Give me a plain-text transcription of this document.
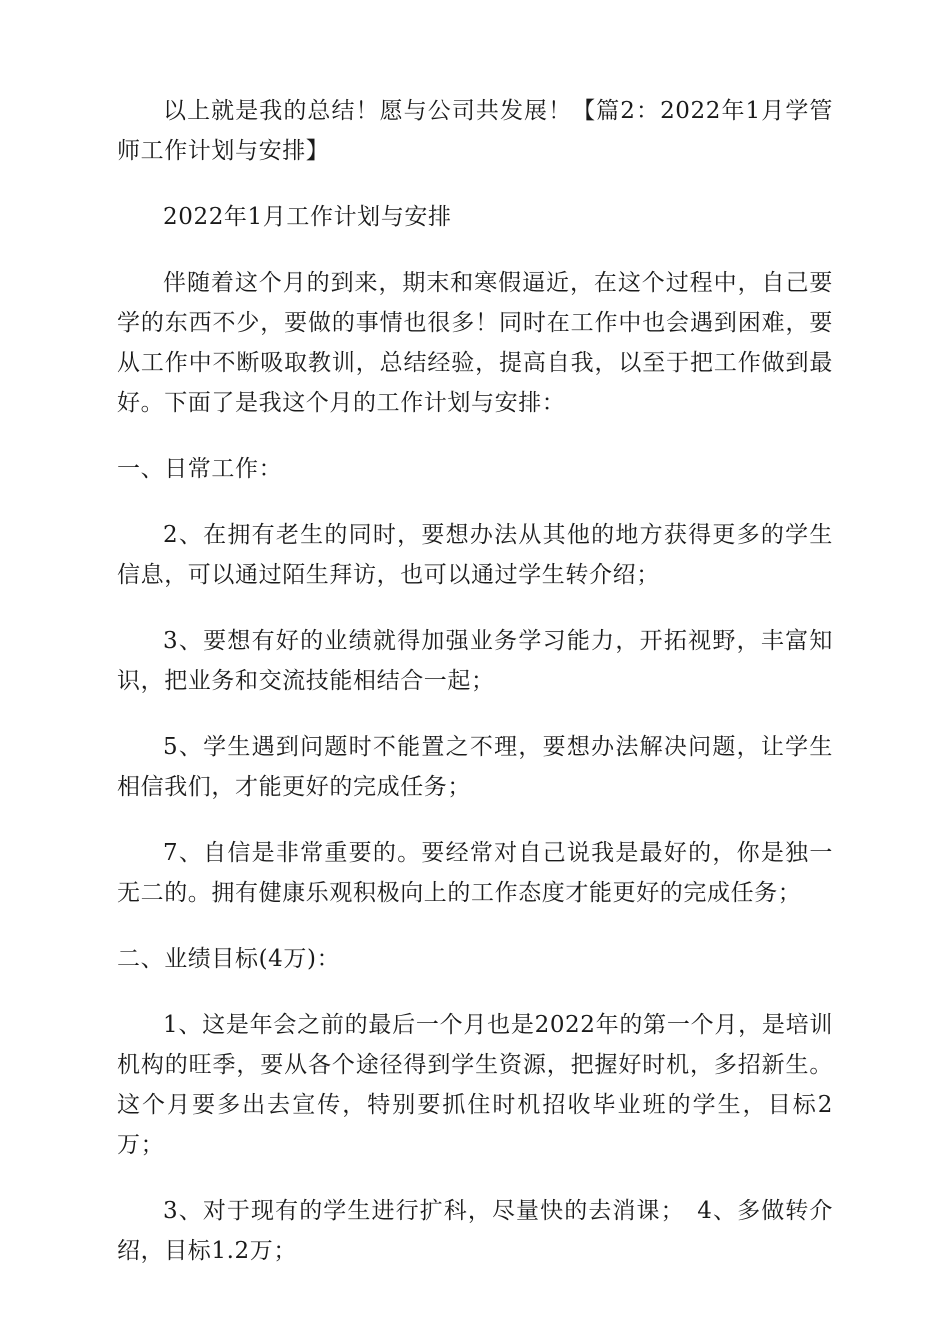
以上就是我的总结！愿与公司共发展！【篇2：2022年1月学管师工作计划与安排】

2022年1月工作计划与安排

伴随着这个月的到来，期末和寒假逼近，在这个过程中，自己要学的东西不少，要做的事情也很多！同时在工作中也会遇到困难，要从工作中不断吸取教训，总结经验，提高自我，以至于把工作做到最好。下面了是我这个月的工作计划与安排：

一、日常工作：

2、在拥有老生的同时，要想办法从其他的地方获得更多的学生信息，可以通过陌生拜访，也可以通过学生转介绍；

3、要想有好的业绩就得加强业务学习能力，开拓视野，丰富知识，把业务和交流技能相结合一起；

5、学生遇到问题时不能置之不理，要想办法解决问题，让学生相信我们，才能更好的完成任务；

7、自信是非常重要的。要经常对自己说我是最好的，你是独一无二的。拥有健康乐观积极向上的工作态度才能更好的完成任务；

二、业绩目标(4万)：

1、这是年会之前的最后一个月也是2022年的第一个月，是培训机构的旺季，要从各个途径得到学生资源，把握好时机，多招新生。这个月要多出去宣传，特别要抓住时机招收毕业班的学生，目标2万；

3、对于现有的学生进行扩科，尽量快的去消课；　4、多做转介绍，目标1.2万；
